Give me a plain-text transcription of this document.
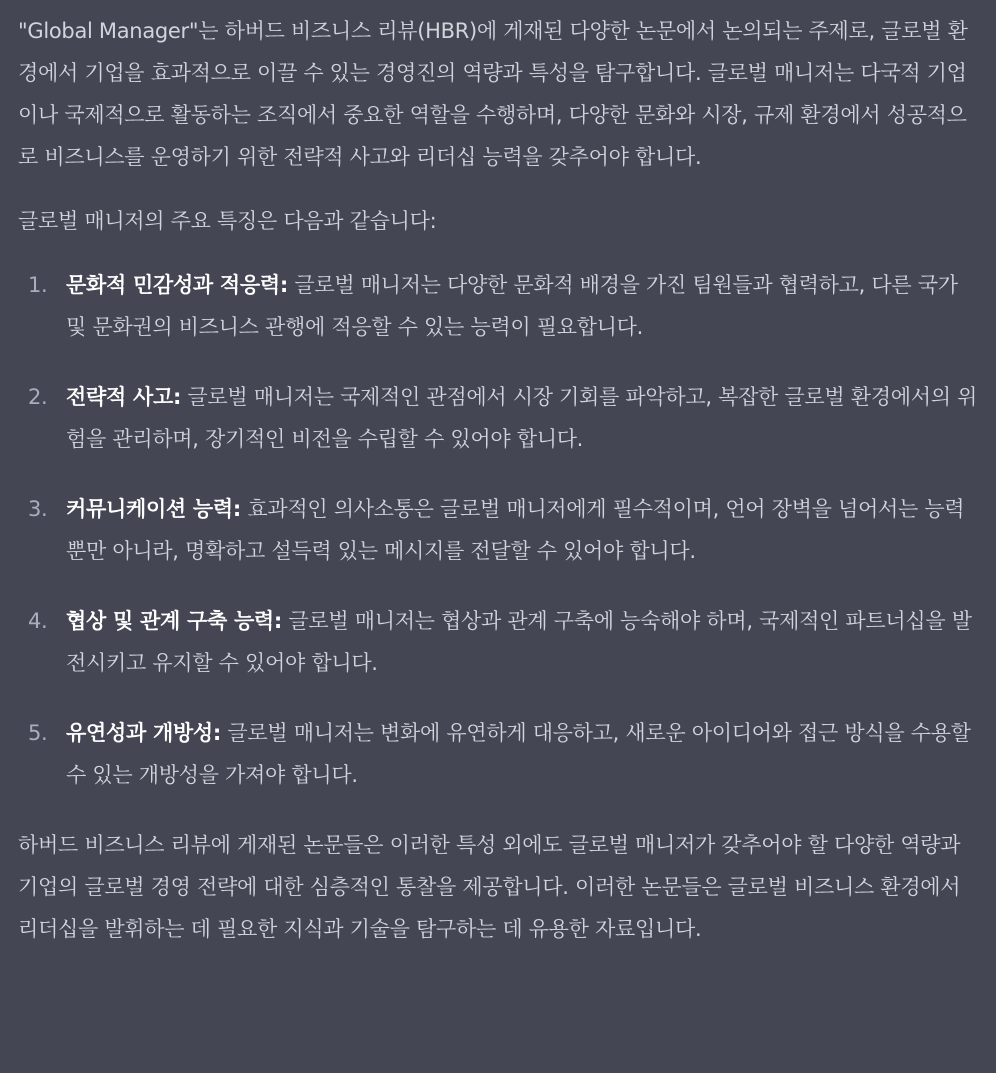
"Global Manager"는 하버드 비즈니스 리뷰(HBR)에 게재된 다양한 논문에서 논의되는 주제로, 글로벌 환경에서 기업을 효과적으로 이끌 수 있는 경영진의 역량과 특성을 탐구합니다. 글로벌 매니저는 다국적 기업이나 국제적으로 활동하는 조직에서 중요한 역할을 수행하며, 다양한 문화와 시장, 규제 환경에서 성공적으로 비즈니스를 운영하기 위한 전략적 사고와 리더십 능력을 갖추어야 합니다.

글로벌 매니저의 주요 특징은 다음과 같습니다:

1. 문화적 민감성과 적응력: 글로벌 매니저는 다양한 문화적 배경을 가진 팀원들과 협력하고, 다른 국가 및 문화권의 비즈니스 관행에 적응할 수 있는 능력이 필요합니다.
2. 전략적 사고: 글로벌 매니저는 국제적인 관점에서 시장 기회를 파악하고, 복잡한 글로벌 환경에서의 위험을 관리하며, 장기적인 비전을 수립할 수 있어야 합니다.
3. 커뮤니케이션 능력: 효과적인 의사소통은 글로벌 매니저에게 필수적이며, 언어 장벽을 넘어서는 능력뿐만 아니라, 명확하고 설득력 있는 메시지를 전달할 수 있어야 합니다.
4. 협상 및 관계 구축 능력: 글로벌 매니저는 협상과 관계 구축에 능숙해야 하며, 국제적인 파트너십을 발전시키고 유지할 수 있어야 합니다.
5. 유연성과 개방성: 글로벌 매니저는 변화에 유연하게 대응하고, 새로운 아이디어와 접근 방식을 수용할 수 있는 개방성을 가져야 합니다.

하버드 비즈니스 리뷰에 게재된 논문들은 이러한 특성 외에도 글로벌 매니저가 갖추어야 할 다양한 역량과 기업의 글로벌 경영 전략에 대한 심층적인 통찰을 제공합니다. 이러한 논문들은 글로벌 비즈니스 환경에서 리더십을 발휘하는 데 필요한 지식과 기술을 탐구하는 데 유용한 자료입니다.
